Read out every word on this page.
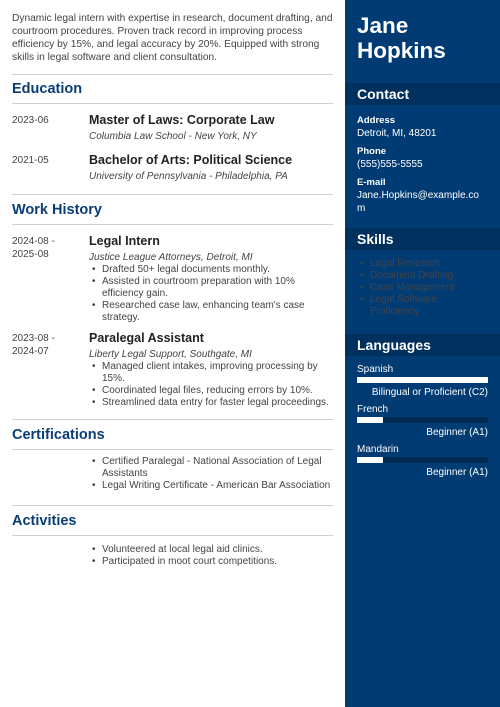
Dynamic legal intern with expertise in research, document drafting, and courtroom procedures. Proven track record in improving process efficiency by 15%, and legal accuracy by 20%. Equipped with strong skills in legal software and client consultation.

Education
2023-06	Master of Laws: Corporate Law
Columbia Law School - New York, NY
2021-05	Bachelor of Arts: Political Science
University of Pennsylvania - Philadelphia, PA
Work History
2024-08 -
2025-08
Legal Intern
Justice League Attorneys, Detroit, MI
• Drafted 50+ legal documents monthly.
• Assisted in courtroom preparation with 10% efficiency gain.
• Researched case law, enhancing team's case strategy.
2023-08 -
2024-07
Paralegal Assistant
Liberty Legal Support, Southgate, MI
• Managed client intakes, improving processing by 15%.
• Coordinated legal files, reducing errors by 10%.
• Streamlined data entry for faster legal proceedings.
Certifications
• Certified Paralegal - National Association of Legal Assistants
• Legal Writing Certificate - American Bar Association
Activities
• Volunteered at local legal aid clinics.
• Participated in moot court competitions.
Jane
Hopkins
Contact
Address
Detroit, MI, 48201
Phone
(555)555-5555
E-mail
Jane.Hopkins@example.co
m
Skills
• Legal Research
• Document Drafting
• Case Management
• Legal Software Proficiency
Languages
Spanish
Bilingual or Proficient (C2)
French
Beginner (A1)
Mandarin
Beginner (A1)
